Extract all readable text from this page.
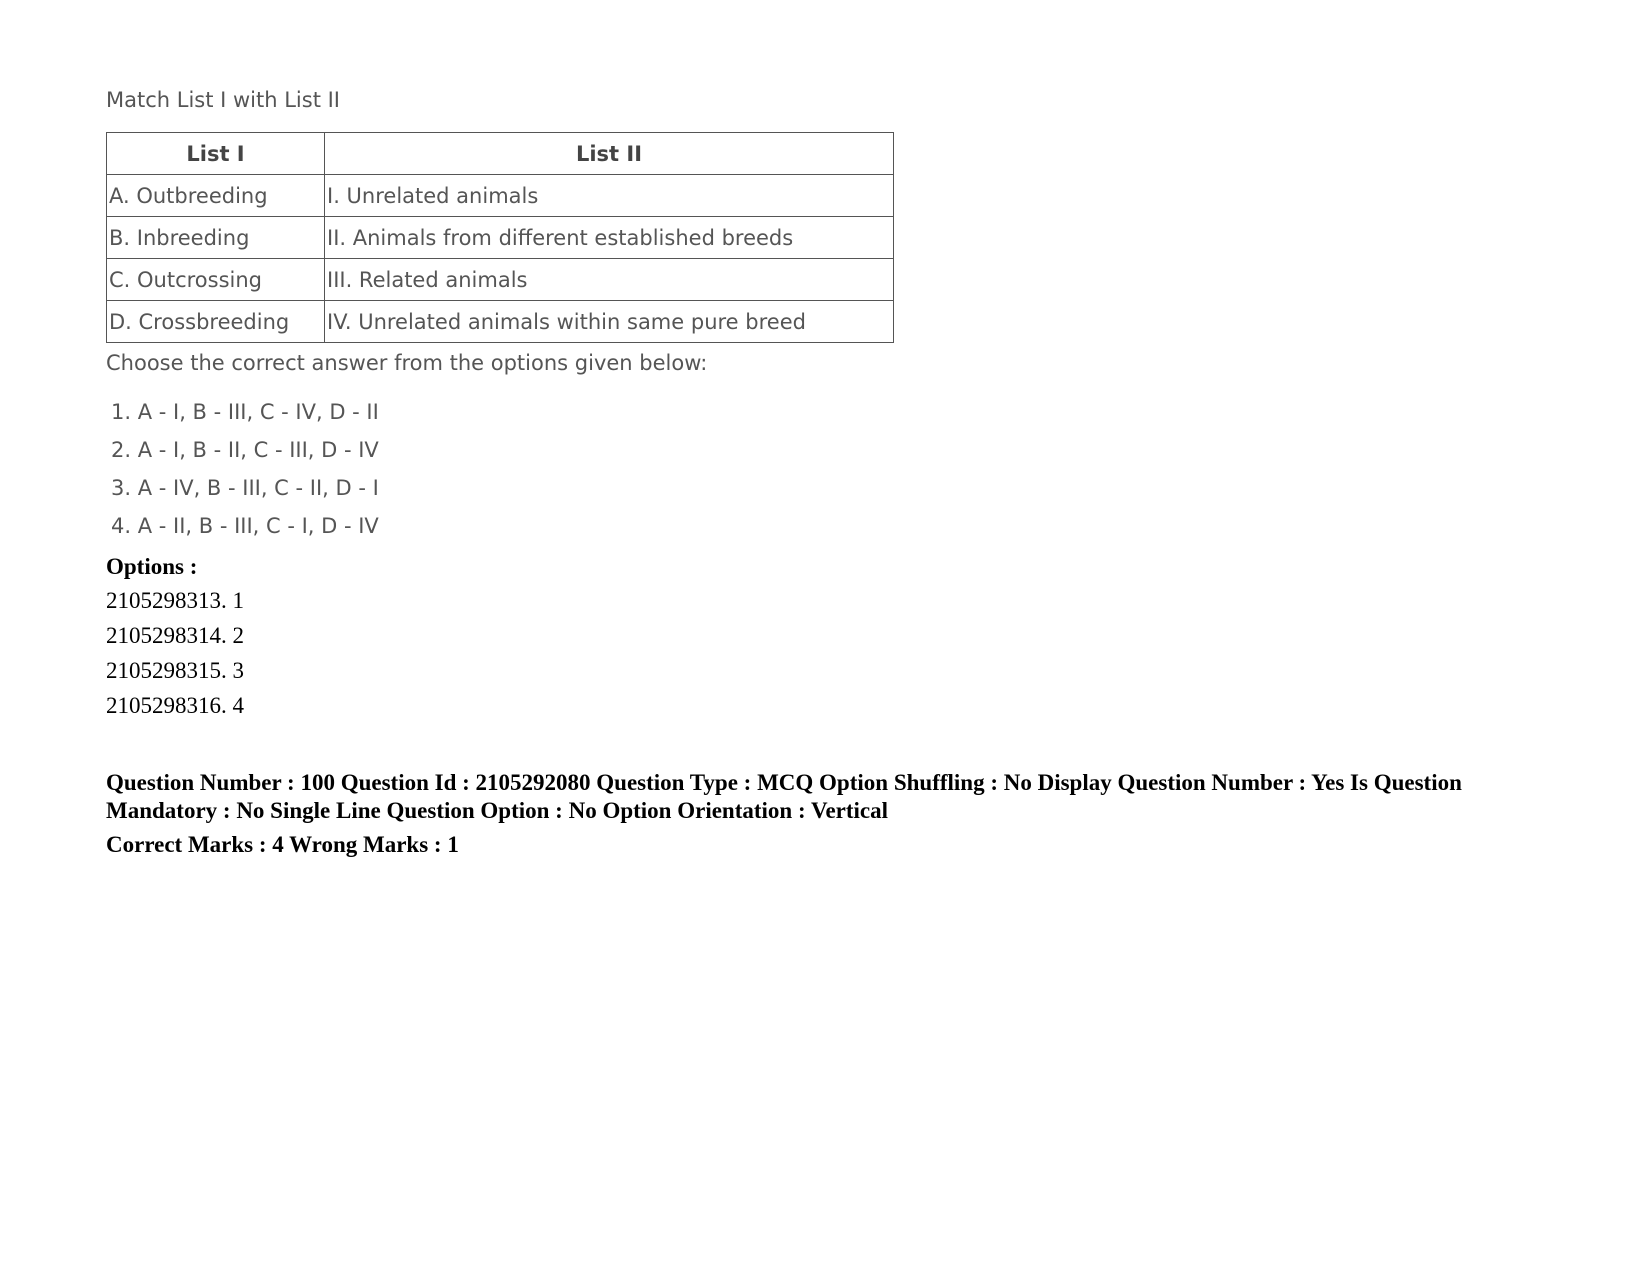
Match List I with List II

List I	List II
A. Outbreeding	I. Unrelated animals
B. Inbreeding	II. Animals from different established breeds
C. Outcrossing	III. Related animals
D. Crossbreeding	IV. Unrelated animals within same pure breed

Choose the correct answer from the options given below:

1. A - I, B - III, C - IV, D - II
2. A - I, B - II, C - III, D - IV
3. A - IV, B - III, C - II, D - I
4. A - II, B - III, C - I, D - IV

Options :

2105298313. 1
2105298314. 2
2105298315. 3
2105298316. 4
Question Number : 100 Question Id : 2105292080 Question Type : MCQ Option Shuffling : No Display Question Number : Yes Is Question Mandatory : No Single Line Question Option : No Option Orientation : Vertical
Correct Marks : 4 Wrong Marks : 1
